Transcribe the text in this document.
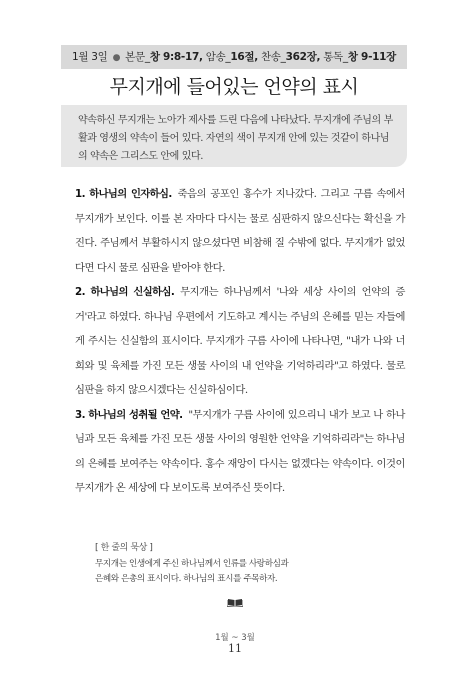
1월 3일 ● 본문_창 9:8-17, 암송_16절, 찬송_362장, 통독_창 9-11장
무지개에 들어있는 언약의 표시

약속하신 무지개는 노아가 제사를 드린 다음에 나타났다. 무지개에 주님의 부활과 영생의 약속이 들어 있다. 자연의 색이 무지개 안에 있는 것같이 하나님의 약속은 그리스도 안에 있다.

1. 하나님의 인자하심. 죽음의 공포인 홍수가 지나갔다. 그리고 구름 속에서 무지개가 보인다. 이를 본 자마다 다시는 물로 심판하지 않으신다는 확신을 가진다. 주님께서 부활하시지 않으셨다면 비참해 질 수밖에 없다. 무지개가 없었다면 다시 물로 심판을 받아야 한다.

2. 하나님의 신실하심. 무지개는 하나님께서 '나와 세상 사이의 언약의 증거'라고 하였다. 하나님 우편에서 기도하고 계시는 주님의 은혜를 믿는 자들에게 주시는 신실함의 표시이다. 무지개가 구름 사이에 나타나면, "내가 나와 너희와 및 육체를 가진 모든 생물 사이의 내 언약을 기억하리라"고 하였다. 물로 심판을 하지 않으시겠다는 신실하심이다.

3. 하나님의 성취될 언약. "무지개가 구름 사이에 있으리니 내가 보고 나 하나님과 모든 육체를 가진 모든 생물 사이의 영원한 언약을 기억하리라"는 하나님의 은혜를 보여주는 약속이다. 홍수 재앙이 다시는 없겠다는 약속이다. 이것이 무지개가 온 세상에 다 보이도록 보여주신 뜻이다.

[ 한 줄의 묵상 ]
무지개는 인생에게 주신 하나님께서 인류를 사랑하심과
은혜와 은총의 표시이다. 하나님의 표시를 주목하자.
1월 ~ 3월
11
